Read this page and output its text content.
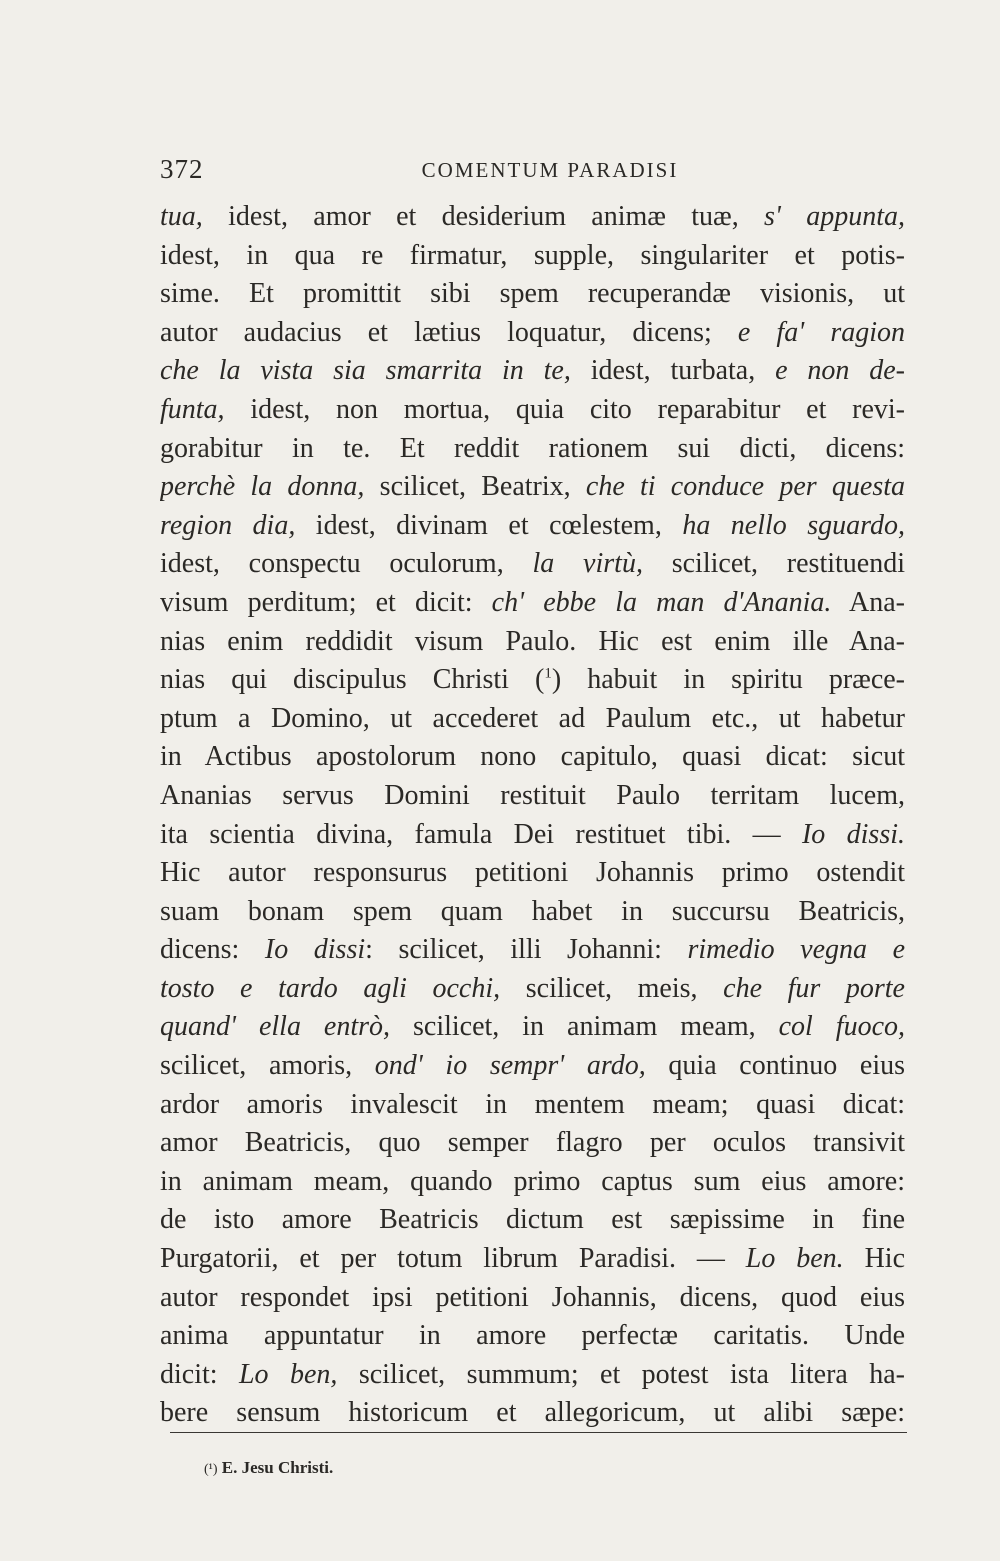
372	COMENTUM PARADISI

tua, idest, amor et desiderium animæ tuæ, s' appunta,
idest, in qua re firmatur, supple, singulariter et potis-
sime. Et promittit sibi spem recuperandæ visionis, ut
autor audacius et lætius loquatur, dicens; e fa' ragion
che la vista sia smarrita in te, idest, turbata, e non de-
funta, idest, non mortua, quia cito reparabitur et revi-
gorabitur in te. Et reddit rationem sui dicti, dicens:
perchè la donna, scilicet, Beatrix, che ti conduce per questa
region dia, idest, divinam et cœlestem, ha nello sguardo,
idest, conspectu oculorum, la virtù, scilicet, restituendi
visum perditum; et dicit: ch' ebbe la man d'Anania. Ana-
nias enim reddidit visum Paulo. Hic est enim ille Ana-
nias qui discipulus Christi ($^1$) habuit in spiritu præce-
ptum a Domino, ut accederet ad Paulum etc., ut habetur
in Actibus apostolorum nono capitulo, quasi dicat: sicut
Ananias servus Domini restituit Paulo territam lucem,
ita scientia divina, famula Dei restituet tibi. — Io dissi.
Hic autor responsurus petitioni Johannis primo ostendit
suam bonam spem quam habet in succursu Beatricis,
dicens: Io dissi: scilicet, illi Johanni: rimedio vegna e
tosto e tardo agli occhi, scilicet, meis, che fur porte
quand' ella entrò, scilicet, in animam meam, col fuoco,
scilicet, amoris, ond' io sempr' ardo, quia continuo eius
ardor amoris invalescit in mentem meam; quasi dicat:
amor Beatricis, quo semper flagro per oculos transivit
in animam meam, quando primo captus sum eius amore:
de isto amore Beatricis dictum est sæpissime in fine
Purgatorii, et per totum librum Paradisi. — Lo ben. Hic
autor respondet ipsi petitioni Johannis, dicens, quod eius
anima appuntatur in amore perfectæ caritatis. Unde
dicit: Lo ben, scilicet, summum; et potest ista litera ha-
bere sensum historicum et allegoricum, ut alibi sæpe:

(¹) E. Jesu Christi.
